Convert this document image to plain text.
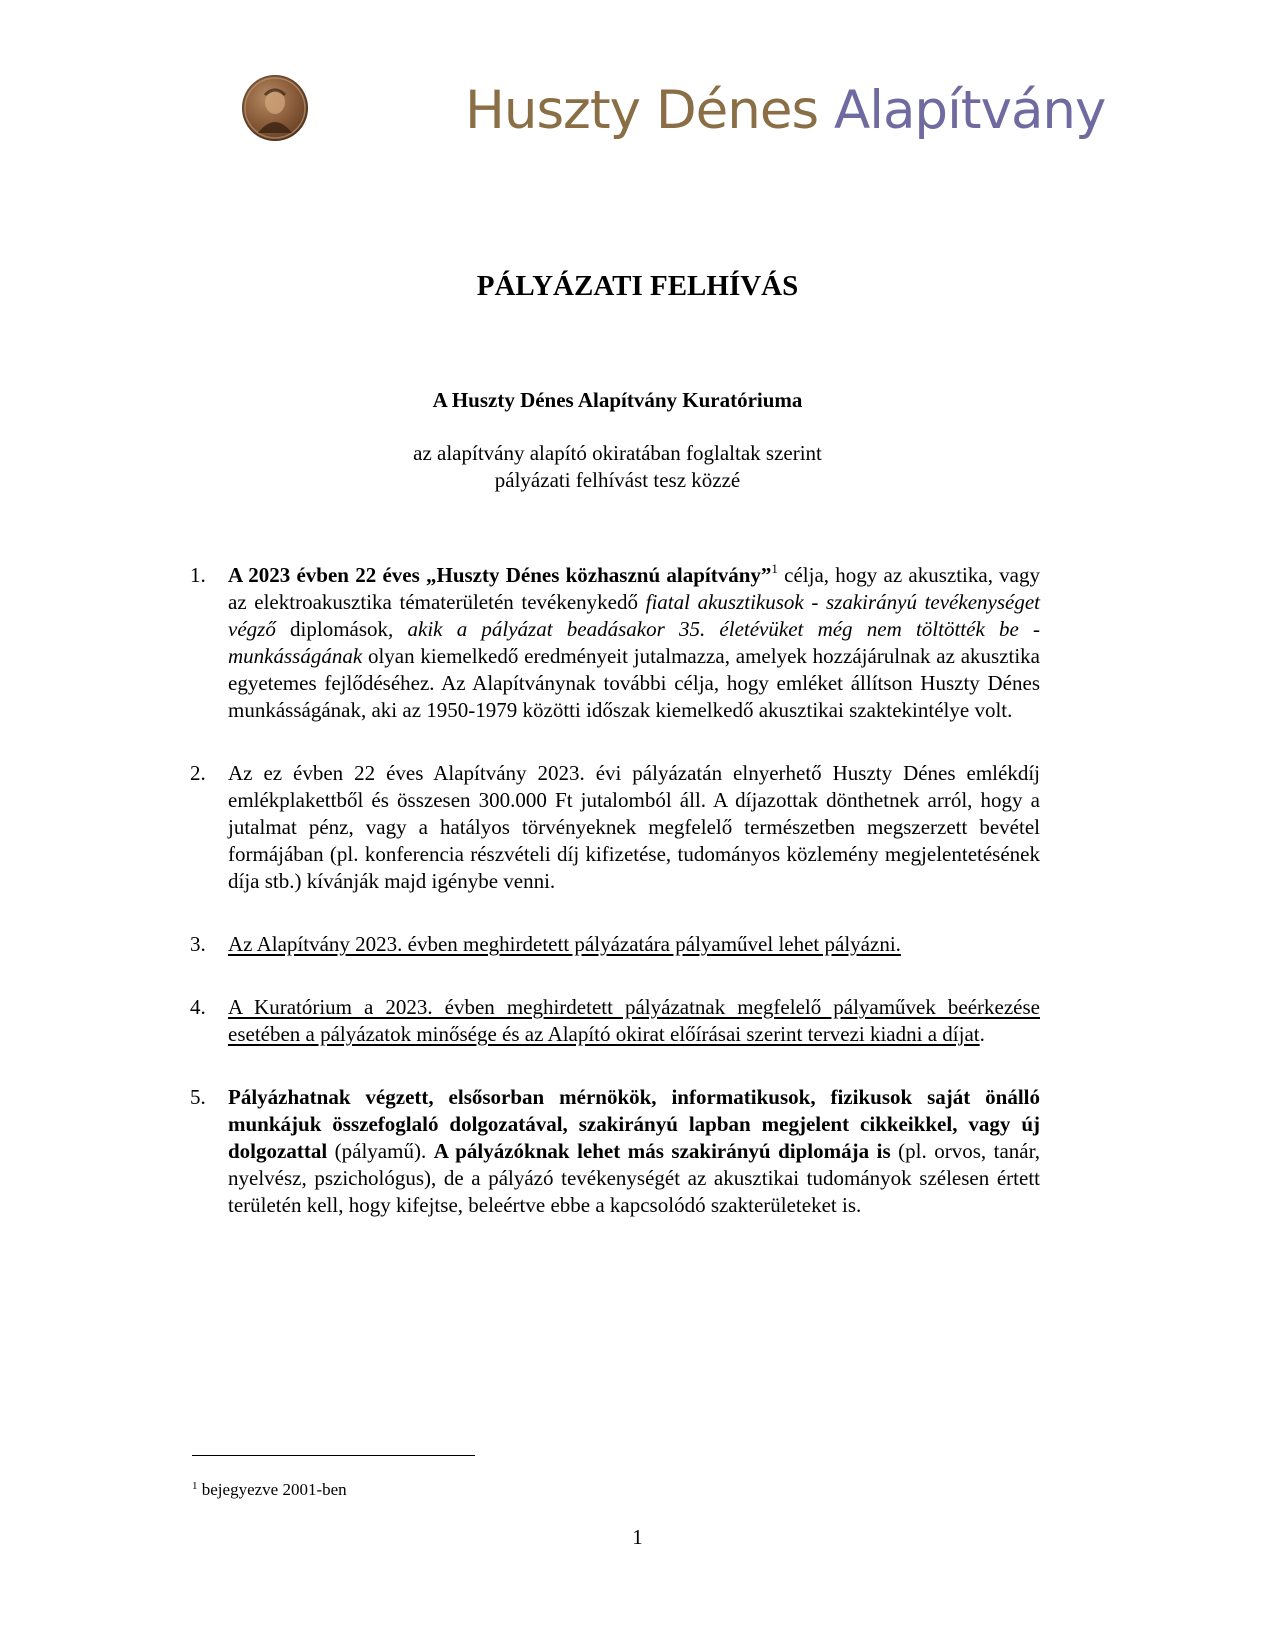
Huszty Dénes Alapítvány
PÁLYÁZATI FELHÍVÁS
A Huszty Dénes Alapítvány Kuratóriuma
az alapítvány alapító okiratában foglaltak szerint
pályázati felhívást tesz közzé
1. A 2023 évben 22 éves „Huszty Dénes közhasznú alapítvány”$^1$ célja, hogy az akusztika, vagy az elektroakusztika tématerületén tevékenykedő fiatal akusztikusok - szakirányú tevékenységet végző diplomások, akik a pályázat beadásakor 35. életévüket még nem töltötték be - munkásságának olyan kiemelkedő eredményeit jutalmazza, amelyek hozzájárulnak az akusztika egyetemes fejlődéséhez. Az Alapítványnak további célja, hogy emléket állítson Huszty Dénes munkásságának, aki az 1950-1979 közötti időszak kiemelkedő akusztikai szaktekintélye volt.
2. Az ez évben 22 éves Alapítvány 2023. évi pályázatán elnyerhető Huszty Dénes emlékdíj emlékplakettből és összesen 300.000 Ft jutalomból áll. A díjazottak dönthetnek arról, hogy a jutalmat pénz, vagy a hatályos törvényeknek megfelelő természetben megszerzett bevétel formájában (pl. konferencia részvételi díj kifizetése, tudományos közlemény megjelentetésének díja stb.) kívánják majd igénybe venni.
3. Az Alapítvány 2023. évben meghirdetett pályázatára pályaművel lehet pályázni.
4. A Kuratórium a 2023. évben meghirdetett pályázatnak megfelelő pályaművek beérkezése esetében a pályázatok minősége és az Alapító okirat előírásai szerint tervezi kiadni a díjat.
5. Pályázhatnak végzett, elsősorban mérnökök, informatikusok, fizikusok saját önálló munkájuk összefoglaló dolgozatával, szakirányú lapban megjelent cikkeikkel, vagy új dolgozattal (pályamű). A pályázóknak lehet más szakirányú diplomája is (pl. orvos, tanár, nyelvész, pszichológus), de a pályázó tevékenységét az akusztikai tudományok szélesen értett területén kell, hogy kifejtse, beleértve ebbe a kapcsolódó szakterületeket is.
$^1$ bejegyezve 2001-ben
1
